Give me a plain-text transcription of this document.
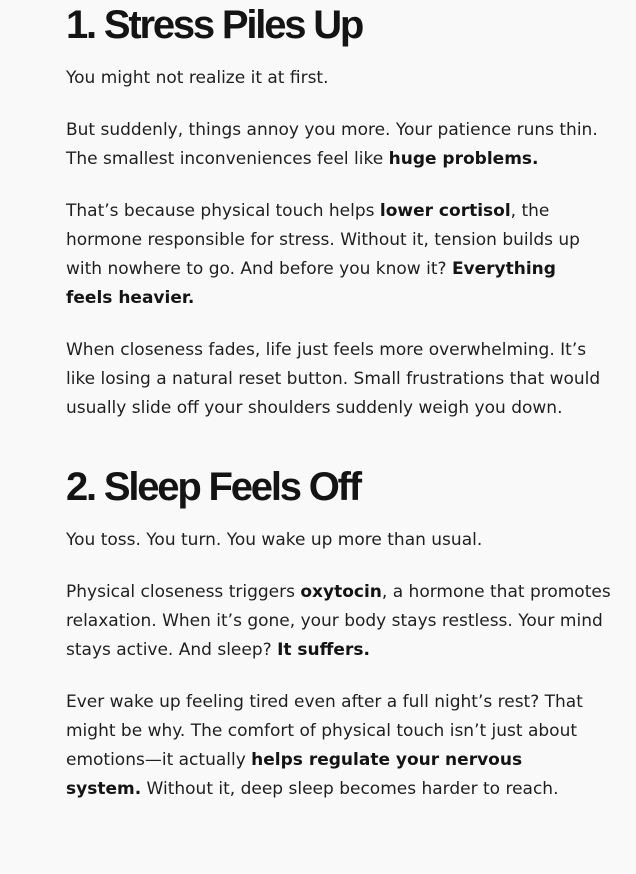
1. Stress Piles Up

You might not realize it at first.

But suddenly, things annoy you more. Your patience runs thin. The smallest inconveniences feel like huge problems.

That’s because physical touch helps lower cortisol, the hormone responsible for stress. Without it, tension builds up with nowhere to go. And before you know it? Everything feels heavier.

When closeness fades, life just feels more overwhelming. It’s like losing a natural reset button. Small frustrations that would usually slide off your shoulders suddenly weigh you down.

2. Sleep Feels Off

You toss. You turn. You wake up more than usual.

Physical closeness triggers oxytocin, a hormone that promotes relaxation. When it’s gone, your body stays restless. Your mind stays active. And sleep? It suffers.

Ever wake up feeling tired even after a full night’s rest? That might be why. The comfort of physical touch isn’t just about emotions—it actually helps regulate your nervous system. Without it, deep sleep becomes harder to reach.
